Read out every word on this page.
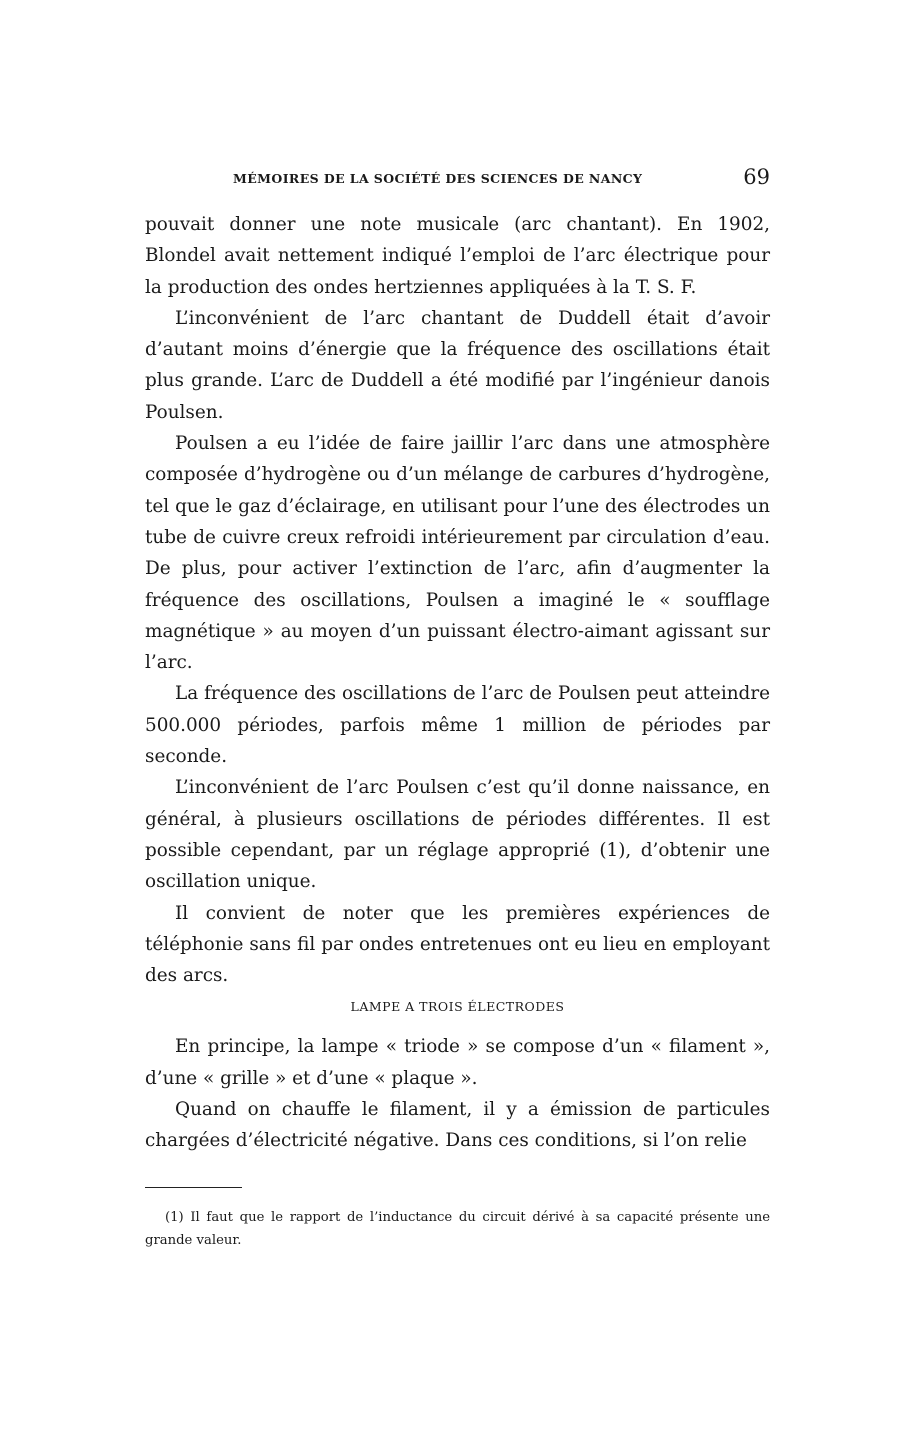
MÉMOIRES DE LA SOCIÉTÉ DES SCIENCES DE NANCY	69

pouvait donner une note musicale (arc chantant). En 1902, Blondel avait nettement indiqué l’emploi de l’arc électrique pour la production des ondes hertziennes appliquées à la T. S. F.

L’inconvénient de l’arc chantant de Duddell était d’avoir d’autant moins d’énergie que la fréquence des oscillations était plus grande. L’arc de Duddell a été modifié par l’ingénieur danois Poulsen.

Poulsen a eu l’idée de faire jaillir l’arc dans une atmosphère composée d’hydrogène ou d’un mélange de carbures d’hydrogène, tel que le gaz d’éclairage, en utilisant pour l’une des électrodes un tube de cuivre creux refroidi intérieurement par circulation d’eau. De plus, pour activer l’extinction de l’arc, afin d’augmenter la fréquence des oscillations, Poulsen a imaginé le « soufflage magnétique » au moyen d’un puissant électro-aimant agissant sur l’arc.

La fréquence des oscillations de l’arc de Poulsen peut atteindre 500.000 périodes, parfois même 1 million de périodes par seconde.

L’inconvénient de l’arc Poulsen c’est qu’il donne naissance, en général, à plusieurs oscillations de périodes différentes. Il est possible cependant, par un réglage approprié (1), d’obtenir une oscillation unique.

Il convient de noter que les premières expériences de téléphonie sans fil par ondes entretenues ont eu lieu en employant des arcs.

LAMPE A TROIS ÉLECTRODES

En principe, la lampe « triode » se compose d’un « filament », d’une « grille » et d’une « plaque ».

Quand on chauffe le filament, il y a émission de particules chargées d’électricité négative. Dans ces conditions, si l’on relie

(1) Il faut que le rapport de l’inductance du circuit dérivé à sa capacité présente une grande valeur.
